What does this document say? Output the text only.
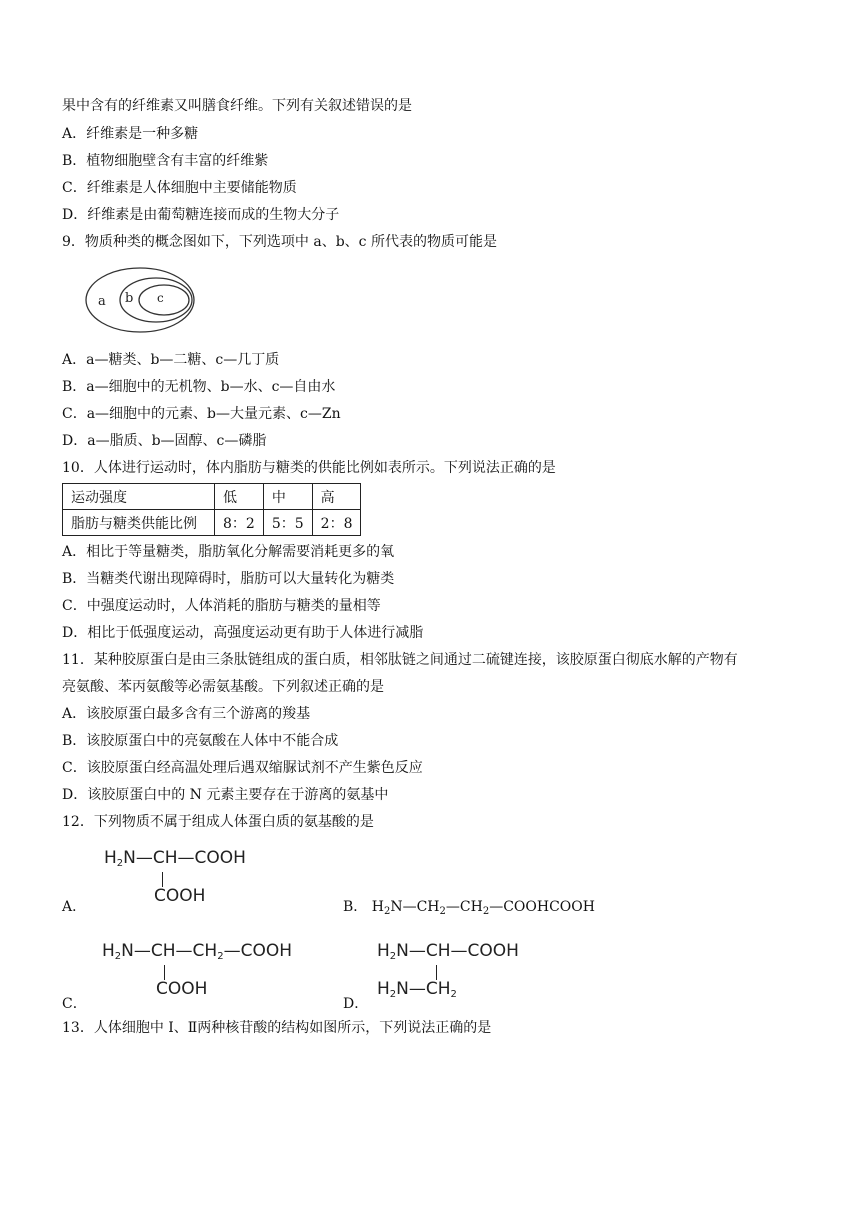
果中含有的纤维素又叫膳食纤维。下列有关叙述错误的是
A．纤维素是一种多糖
B．植物细胞壁含有丰富的纤维紫
C．纤维素是人体细胞中主要储能物质
D．纤维素是由葡萄糖连接而成的生物大分子
9．物质种类的概念图如下，下列选项中 a、b、c 所代表的物质可能是
a b c
A．a—糖类、b—二糖、c—几丁质
B．a—细胞中的无机物、b—水、c—自由水
C．a—细胞中的元素、b—大量元素、c—Zn
D．a—脂质、b—固醇、c—磷脂
10．人体进行运动时，体内脂肪与糖类的供能比例如表所示。下列说法正确的是
运动强度	低	中	高
脂肪与糖类供能比例	8：2	5：5	2：8
A．相比于等量糖类，脂肪氧化分解需要消耗更多的氧
B．当糖类代谢出现障碍时，脂肪可以大量转化为糖类
C．中强度运动时，人体消耗的脂肪与糖类的量相等
D．相比于低强度运动，高强度运动更有助于人体进行减脂
11．某种胶原蛋白是由三条肽链组成的蛋白质，相邻肽链之间通过二硫键连接，该胶原蛋白彻底水解的产物有
亮氨酸、苯丙氨酸等必需氨基酸。下列叙述正确的是
A．该胶原蛋白最多含有三个游离的羧基
B．该胶原蛋白中的亮氨酸在人体中不能合成
C．该胶原蛋白经高温处理后遇双缩脲试剂不产生紫色反应
D．该胶原蛋白中的 N 元素主要存在于游离的氨基中
12．下列物质不属于组成人体蛋白质的氨基酸的是
A．
$H_2N—CH—COOH$
COOH
B． $H_2N—CH_2—CH_2—COOHCOOH$
C．
$H_2N—CH—CH_2—COOH$
COOH
D．
$H_2N—CH—COOH$
$H_2N—CH_2$
13．人体细胞中 I、Ⅱ两种核苷酸的结构如图所示，下列说法正确的是
